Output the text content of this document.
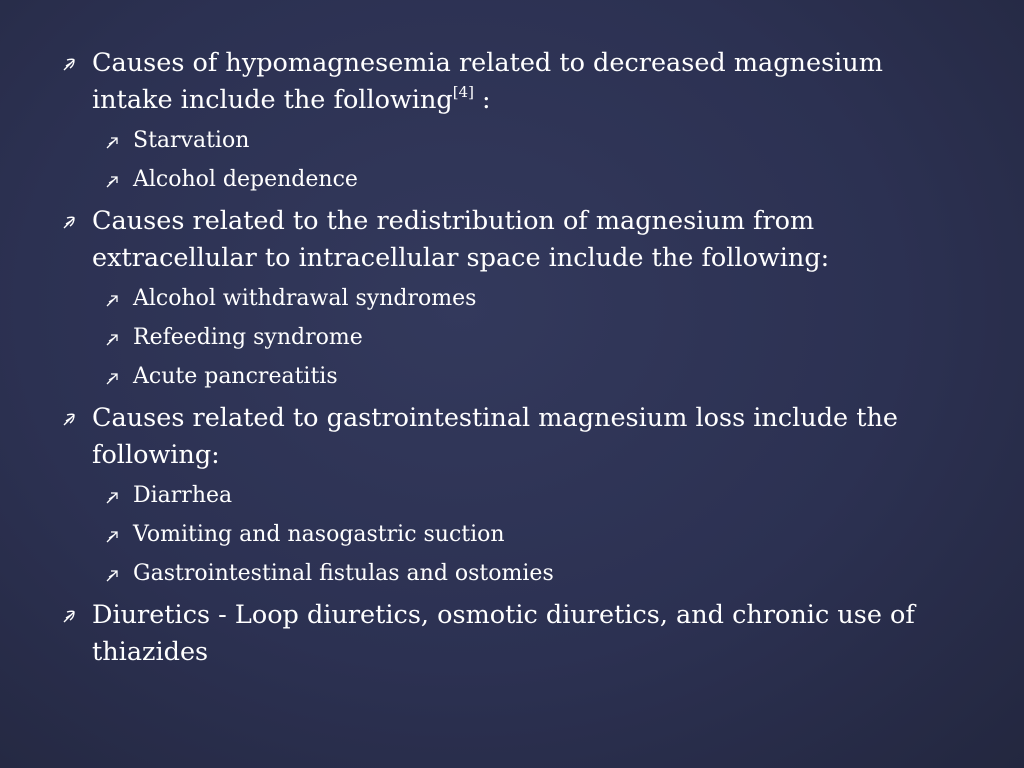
Causes of hypomagnesemia related to decreased magnesium intake include the following[4] :
Starvation
Alcohol dependence
Causes related to the redistribution of magnesium from extracellular to intracellular space include the following:
Alcohol withdrawal syndromes
Refeeding syndrome
Acute pancreatitis
Causes related to gastrointestinal magnesium loss include the following:
Diarrhea
Vomiting and nasogastric suction
Gastrointestinal fistulas and ostomies
Diuretics - Loop diuretics, osmotic diuretics, and chronic use of thiazides
